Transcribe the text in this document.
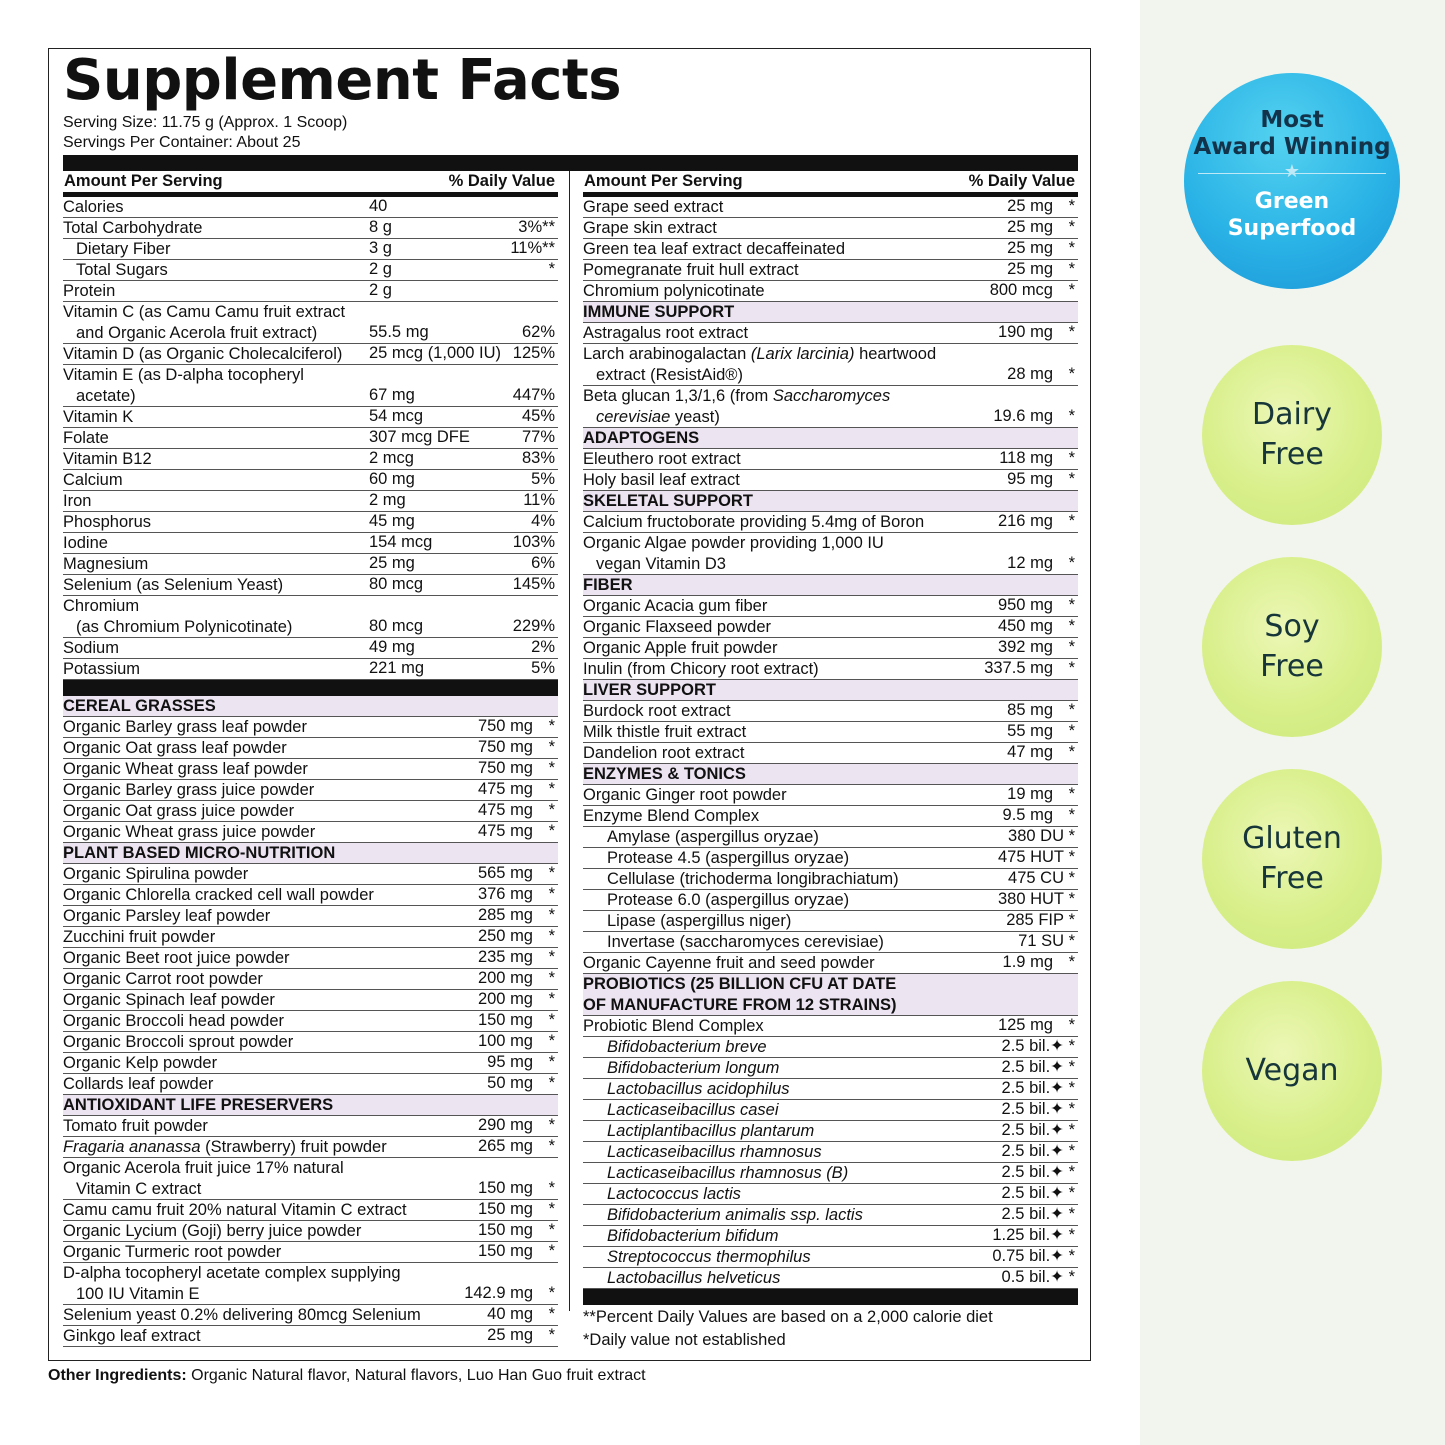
Supplement Facts
Serving Size: 11.75 g (Approx. 1 Scoop)
Servings Per Container: About 25
Amount Per Serving	% Daily Value
Calories	40
Total Carbohydrate	8 g	3%**
Dietary Fiber	3 g	11%**
Total Sugars	2 g	*
Protein	2 g
Vitamin C (as Camu Camu fruit extract
and Organic Acerola fruit extract)	55.5 mg	62%
Vitamin D (as Organic Cholecalciferol) 25 mcg (1,000 IU) 125%
Vitamin E (as D-alpha tocopheryl
acetate)	67 mg	447%
Vitamin K	54 mcg	45%
Folate	307 mcg DFE	77%
Vitamin B12	2 mcg	83%
Calcium	60 mg	5%
Iron	2 mg	11%
Phosphorus	45 mg	4%
Iodine	154 mcg	103%
Magnesium	25 mg	6%
Selenium (as Selenium Yeast)	80 mcg	145%
Chromium
(as Chromium Polynicotinate)	80 mcg	229%
Sodium	49 mg	2%
Potassium	221 mg	5%
CEREAL GRASSES
Organic Barley grass leaf powder	750 mg *
Organic Oat grass leaf powder	750 mg *
Organic Wheat grass leaf powder	750 mg *
Organic Barley grass juice powder	475 mg *
Organic Oat grass juice powder	475 mg *
Organic Wheat grass juice powder	475 mg *
PLANT BASED MICRO-NUTRITION
Organic Spirulina powder	565 mg *
Organic Chlorella cracked cell wall powder	376 mg *
Organic Parsley leaf powder	285 mg *
Zucchini fruit powder	250 mg *
Organic Beet root juice powder	235 mg *
Organic Carrot root powder	200 mg *
Organic Spinach leaf powder	200 mg *
Organic Broccoli head powder	150 mg *
Organic Broccoli sprout powder	100 mg *
Organic Kelp powder	95 mg *
Collards leaf powder	50 mg *
ANTIOXIDANT LIFE PRESERVERS
Tomato fruit powder	290 mg *
Fragaria ananassa (Strawberry) fruit powder	265 mg *
Organic Acerola fruit juice 17% natural
Vitamin C extract	150 mg *
Camu camu fruit 20% natural Vitamin C extract	150 mg *
Organic Lycium (Goji) berry juice powder	150 mg *
Organic Turmeric root powder	150 mg *
D-alpha tocopheryl acetate complex supplying
100 IU Vitamin E	142.9 mg *
Selenium yeast 0.2% delivering 80mcg Selenium	40 mg *
Ginkgo leaf extract	25 mg *
Amount Per Serving	% Daily Value
Grape seed extract	25 mg *
Grape skin extract	25 mg *
Green tea leaf extract decaffeinated	25 mg *
Pomegranate fruit hull extract	25 mg *
Chromium polynicotinate	800 mcg *
IMMUNE SUPPORT
Astragalus root extract	190 mg *
Larch arabinogalactan (Larix larcinia) heartwood
extract (ResistAid®)	28 mg *
Beta glucan 1,3/1,6 (from Saccharomyces
cerevisiae yeast)	19.6 mg *
ADAPTOGENS
Eleuthero root extract	118 mg *
Holy basil leaf extract	95 mg *
SKELETAL SUPPORT
Calcium fructoborate providing 5.4mg of Boron	216 mg *
Organic Algae powder providing 1,000 IU
vegan Vitamin D3	12 mg *
FIBER
Organic Acacia gum fiber	950 mg *
Organic Flaxseed powder	450 mg *
Organic Apple fruit powder	392 mg *
Inulin (from Chicory root extract)	337.5 mg *
LIVER SUPPORT
Burdock root extract	85 mg *
Milk thistle fruit extract	55 mg *
Dandelion root extract	47 mg *
ENZYMES & TONICS
Organic Ginger root powder	19 mg *
Enzyme Blend Complex	9.5 mg *
Amylase (aspergillus oryzae)	380 DU *
Protease 4.5 (aspergillus oryzae)	475 HUT *
Cellulase (trichoderma longibrachiatum)	475 CU *
Protease 6.0 (aspergillus oryzae)	380 HUT *
Lipase (aspergillus niger)	285 FIP *
Invertase (saccharomyces cerevisiae)	71 SU *
Organic Cayenne fruit and seed powder	1.9 mg *
PROBIOTICS (25 BILLION CFU AT DATE
OF MANUFACTURE FROM 12 STRAINS)
Probiotic Blend Complex	125 mg *
Bifidobacterium breve	2.5 bil.✦ *
Bifidobacterium longum	2.5 bil.✦ *
Lactobacillus acidophilus	2.5 bil.✦ *
Lacticaseibacillus casei	2.5 bil.✦ *
Lactiplantibacillus plantarum	2.5 bil.✦ *
Lacticaseibacillus rhamnosus	2.5 bil.✦ *
Lacticaseibacillus rhamnosus (B)	2.5 bil.✦ *
Lactococcus lactis	2.5 bil.✦ *
Bifidobacterium animalis ssp. lactis	2.5 bil.✦ *
Bifidobacterium bifidum	1.25 bil.✦ *
Streptococcus thermophilus	0.75 bil.✦ *
Lactobacillus helveticus	0.5 bil.✦ *
**Percent Daily Values are based on a 2,000 calorie diet
*Daily value not established
Other Ingredients: Organic Natural flavor, Natural flavors, Luo Han Guo fruit extract
Most
Award Winning
★
Green
Superfood
Dairy
Free
Soy
Free
Gluten
Free
Vegan
